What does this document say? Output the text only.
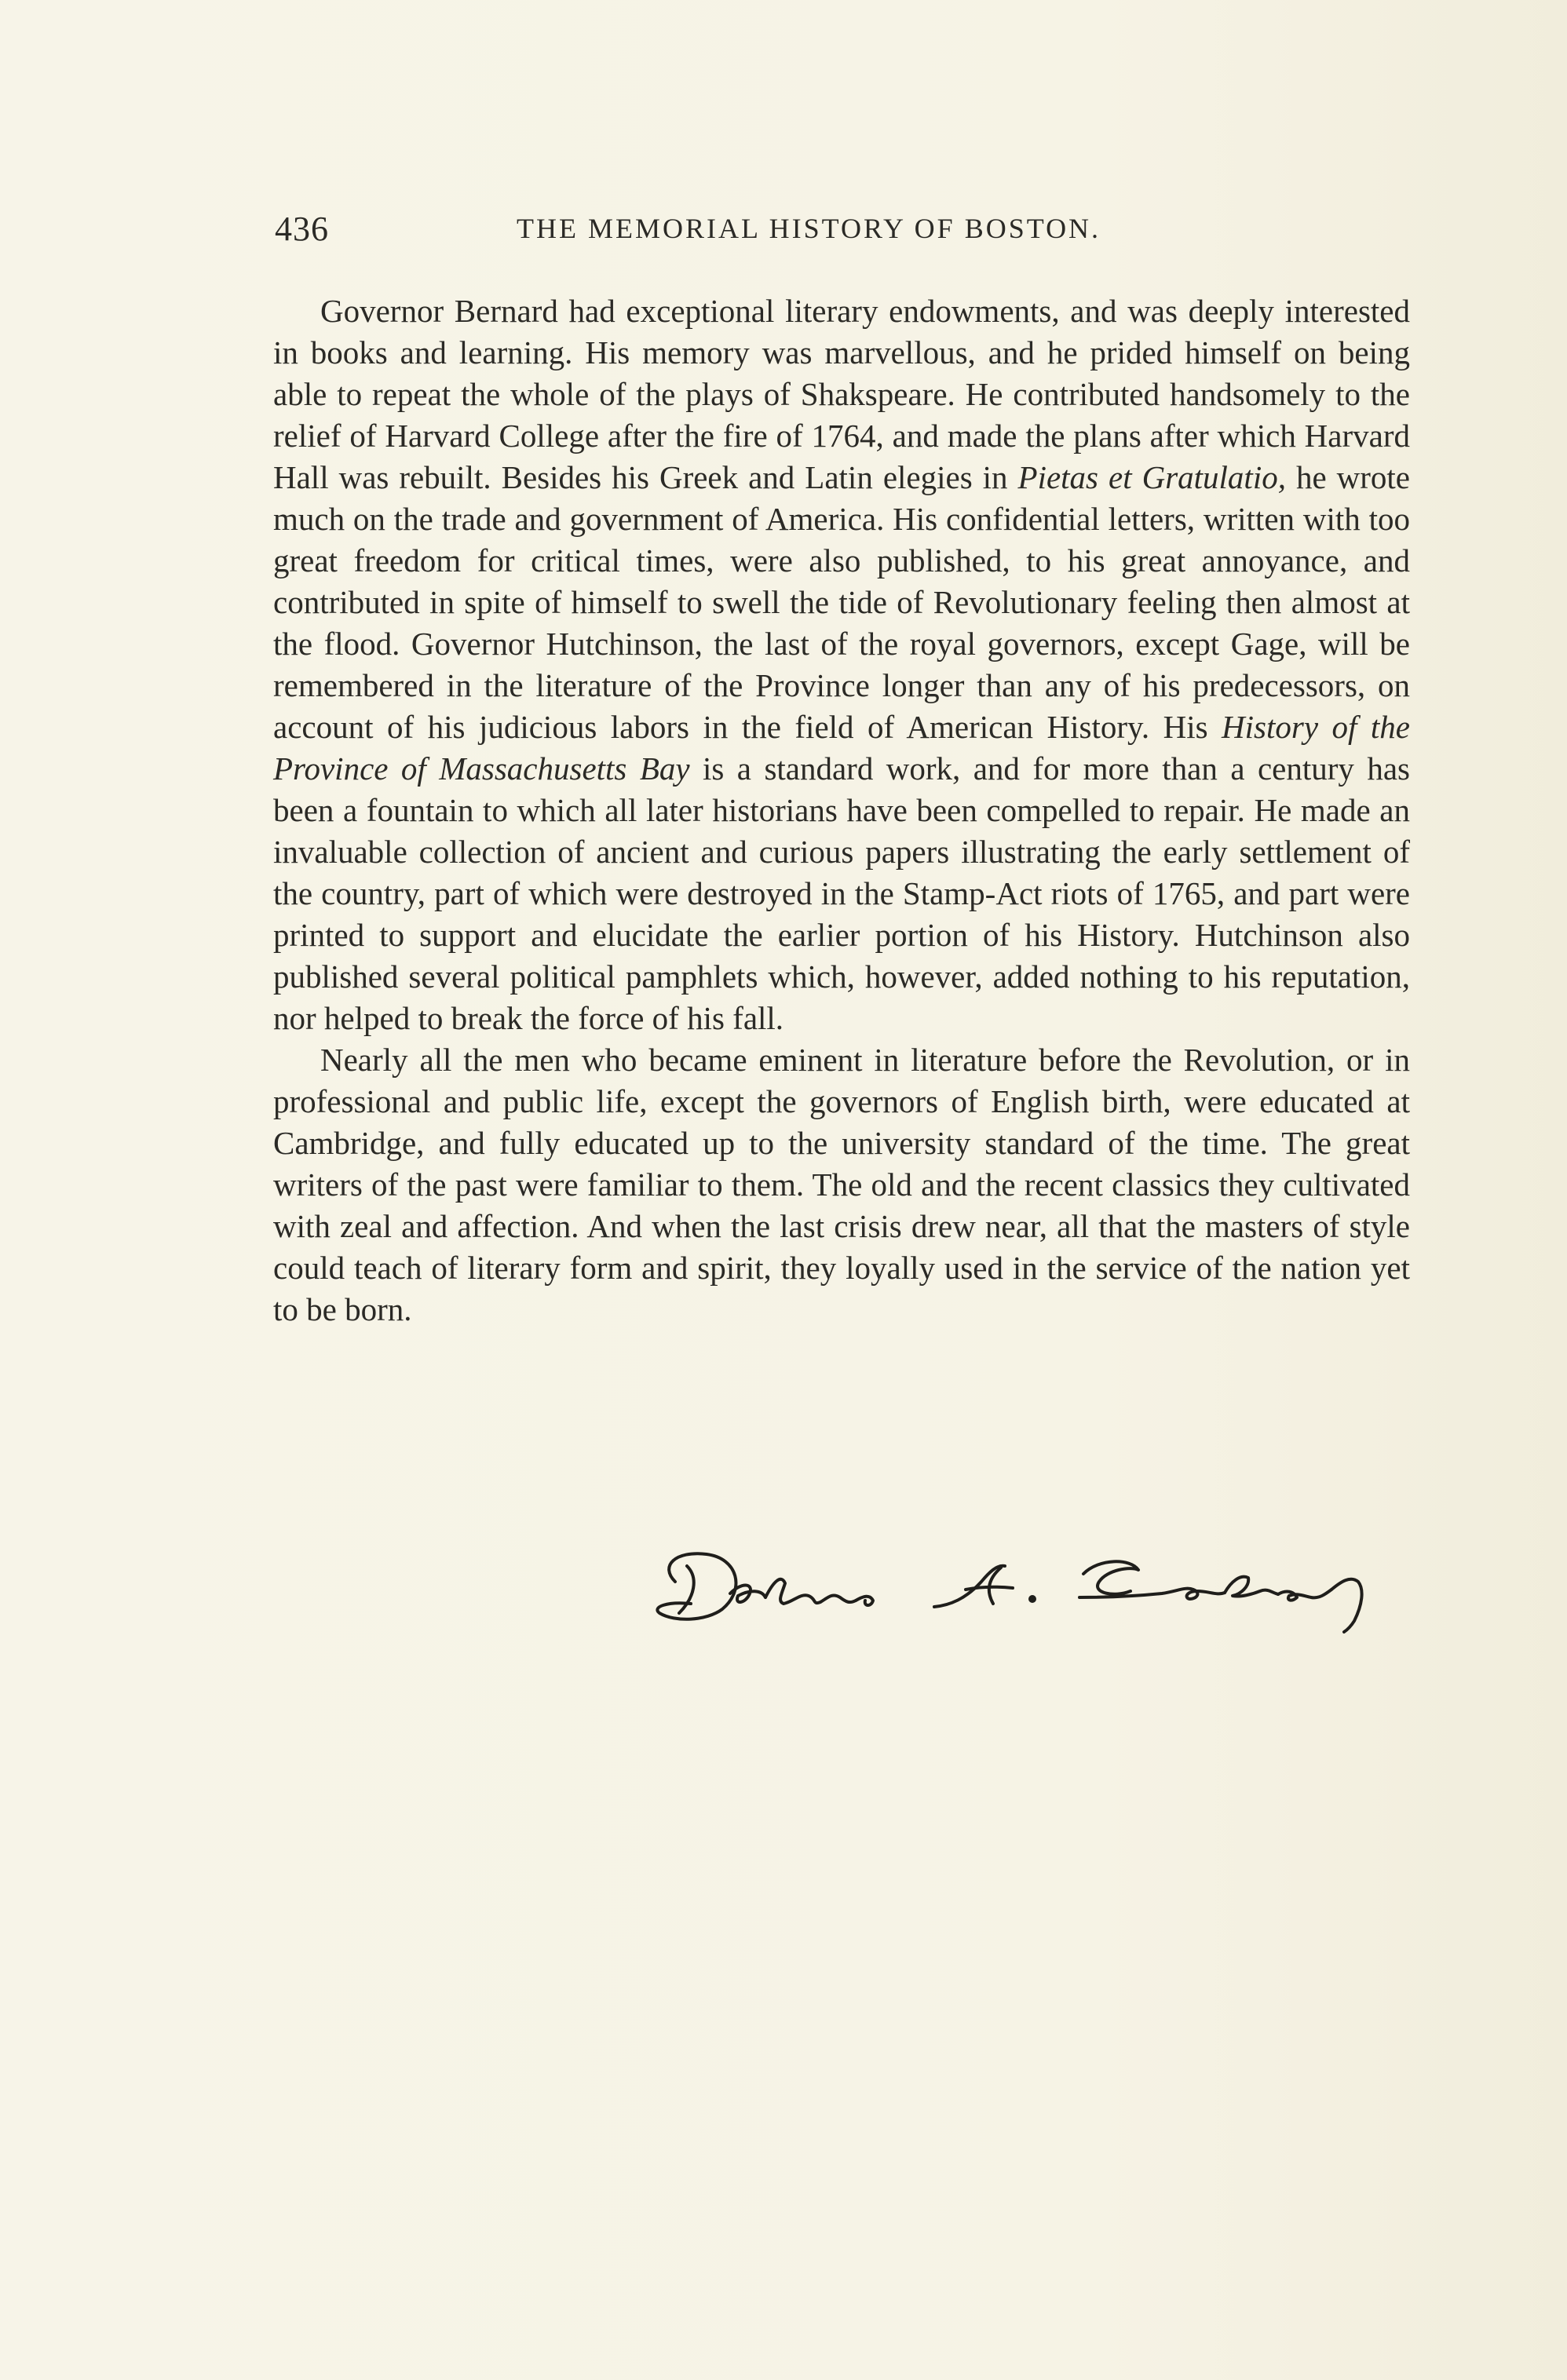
436	THE MEMORIAL HISTORY OF BOSTON.

Governor Bernard had exceptional literary endowments, and was deeply interested in books and learning. His memory was marvellous, and he prided himself on being able to repeat the whole of the plays of Shakspeare. He contributed handsomely to the relief of Harvard College after the fire of 1764, and made the plans after which Harvard Hall was rebuilt. Besides his Greek and Latin elegies in Pietas et Gratulatio, he wrote much on the trade and government of America. His confidential letters, written with too great freedom for critical times, were also published, to his great annoyance, and contributed in spite of himself to swell the tide of Revolutionary feeling then almost at the flood. Governor Hutchinson, the last of the royal governors, except Gage, will be remembered in the literature of the Province longer than any of his predecessors, on account of his judicious labors in the field of American History. His History of the Province of Massachusetts Bay is a standard work, and for more than a century has been a fountain to which all later historians have been compelled to repair. He made an invaluable collection of ancient and curious papers illustrating the early settlement of the country, part of which were destroyed in the Stamp-Act riots of 1765, and part were printed to support and elucidate the earlier portion of his History. Hutchinson also published several political pamphlets which, however, added nothing to his reputation, nor helped to break the force of his fall.

Nearly all the men who became eminent in literature before the Revolution, or in professional and public life, except the governors of English birth, were educated at Cambridge, and fully educated up to the university standard of the time. The great writers of the past were familiar to them. The old and the recent classics they cultivated with zeal and affection. And when the last crisis drew near, all that the masters of style could teach of literary form and spirit, they loyally used in the service of the nation yet to be born.
